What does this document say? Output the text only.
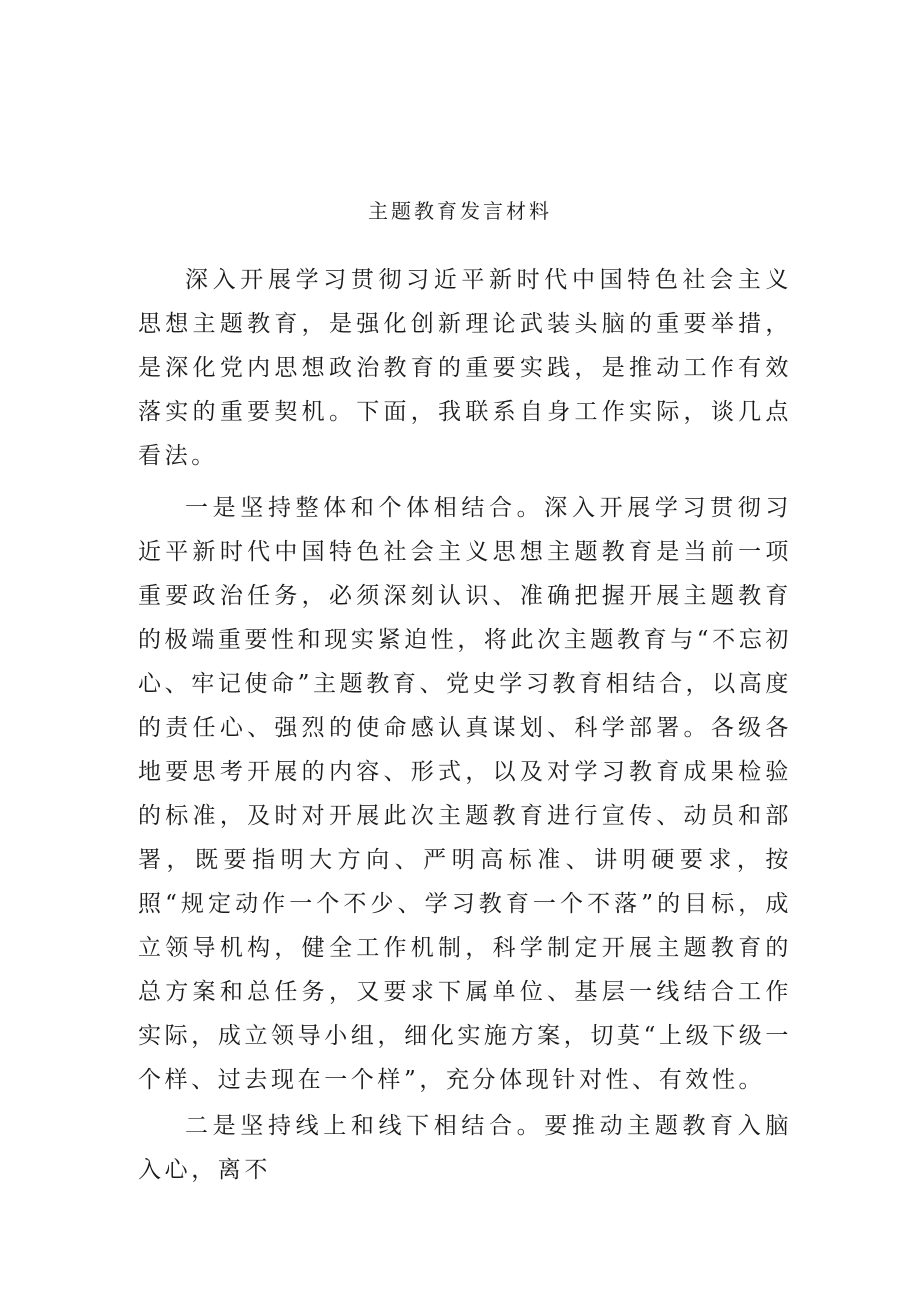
主题教育发言材料

深入开展学习贯彻习近平新时代中国特色社会主义思想主题教育，是强化创新理论武装头脑的重要举措，是深化党内思想政治教育的重要实践，是推动工作有效落实的重要契机。下面，我联系自身工作实际，谈几点看法。

一是坚持整体和个体相结合。深入开展学习贯彻习近平新时代中国特色社会主义思想主题教育是当前一项重要政治任务，必须深刻认识、准确把握开展主题教育的极端重要性和现实紧迫性，将此次主题教育与“不忘初心、牢记使命”主题教育、党史学习教育相结合，以高度的责任心、强烈的使命感认真谋划、科学部署。各级各地要思考开展的内容、形式，以及对学习教育成果检验的标准，及时对开展此次主题教育进行宣传、动员和部署，既要指明大方向、严明高标准、讲明硬要求，按照“规定动作一个不少、学习教育一个不落”的目标，成立领导机构，健全工作机制，科学制定开展主题教育的总方案和总任务，又要求下属单位、基层一线结合工作实际，成立领导小组，细化实施方案，切莫“上级下级一个样、过去现在一个样”，充分体现针对性、有效性。

二是坚持线上和线下相结合。要推动主题教育入脑入心，离不
